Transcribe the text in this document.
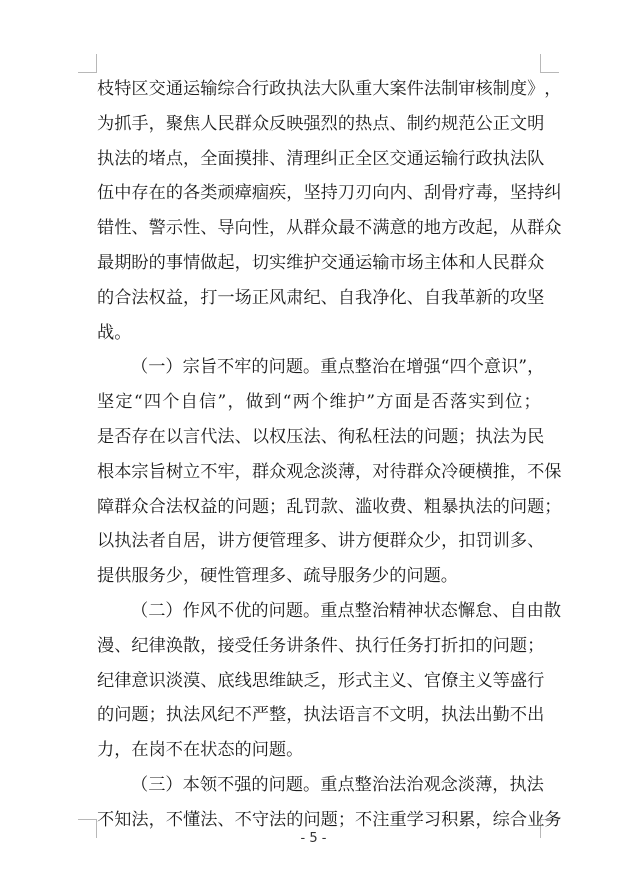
枝 特 区 交 通 运 输 综 合 行 政 执 法 大 队 重 大 案 件 法 制 审 核 制 度 》 ，
为 抓 手 ， 聚 焦 人 民 群 众 反 映 强 烈 的 热 点 、 制 约 规 范 公 正 文 明
执 法 的 堵 点 ， 全 面 摸 排 、 清 理 纠 正 全 区 交 通 运 输 行 政 执 法 队
伍 中 存 在 的 各 类 顽 瘴 痼 疾 ， 坚 持 刀 刃 向 内 、 刮 骨 疗 毒 ， 坚 持 纠
错 性 、 警 示 性 、 导 向 性 ， 从 群 众 最 不 满 意 的 地 方 改 起 ， 从 群 众
最 期 盼 的 事 情 做 起 ， 切 实 维 护 交 通 运 输 市 场 主 体 和 人 民 群 众
的 合 法 权 益 ， 打 一 场 正 风 肃 纪 、 自 我 净 化 、 自 我 革 新 的 攻 坚
战。
（ 一 ） 宗 旨 不 牢 的 问 题 。 重 点 整 治 在 增 强 “ 四 个 意 识 ” ，
坚 定 “ 四 个 自 信 ” ， 做 到 “ 两 个 维 护 ” 方 面 是 否 落 实 到 位 ；
是 否 存 在 以 言 代 法 、 以 权 压 法 、 徇 私 枉 法 的 问 题 ； 执 法 为 民
根 本 宗 旨 树 立 不 牢 ， 群 众 观 念 淡 薄 ， 对 待 群 众 冷 硬 横 推 ， 不 保
障 群 众 合 法 权 益 的 问 题 ； 乱 罚 款 、 滥 收 费 、 粗 暴 执 法 的 问 题 ；
以 执 法 者 自 居 ， 讲 方 便 管 理 多 、 讲 方 便 群 众 少 ， 扣 罚 训 多 、
提供服务少，硬性管理多、疏导服务少的问题。
（ 二 ） 作 风 不 优 的 问 题 。 重 点 整 治 精 神 状 态 懈 怠 、 自 由 散
漫 、 纪 律 涣 散 ， 接 受 任 务 讲 条 件 、 执 行 任 务 打 折 扣 的 问 题 ；
纪 律 意 识 淡 漠 、 底 线 思 维 缺 乏 ， 形 式 主 义 、 官 僚 主 义 等 盛 行
的 问 题 ； 执 法 风 纪 不 严 整 ， 执 法 语 言 不 文 明 ， 执 法 出 勤 不 出
力，在岗不在状态的问题。
（ 三 ） 本 领 不 强 的 问 题 。 重 点 整 治 法 治 观 念 淡 薄 ， 执 法
不 知 法 ， 不 懂 法 、 不 守 法 的 问 题 ； 不 注 重 学 习 积 累 ， 综 合 业 务
- 5 -
